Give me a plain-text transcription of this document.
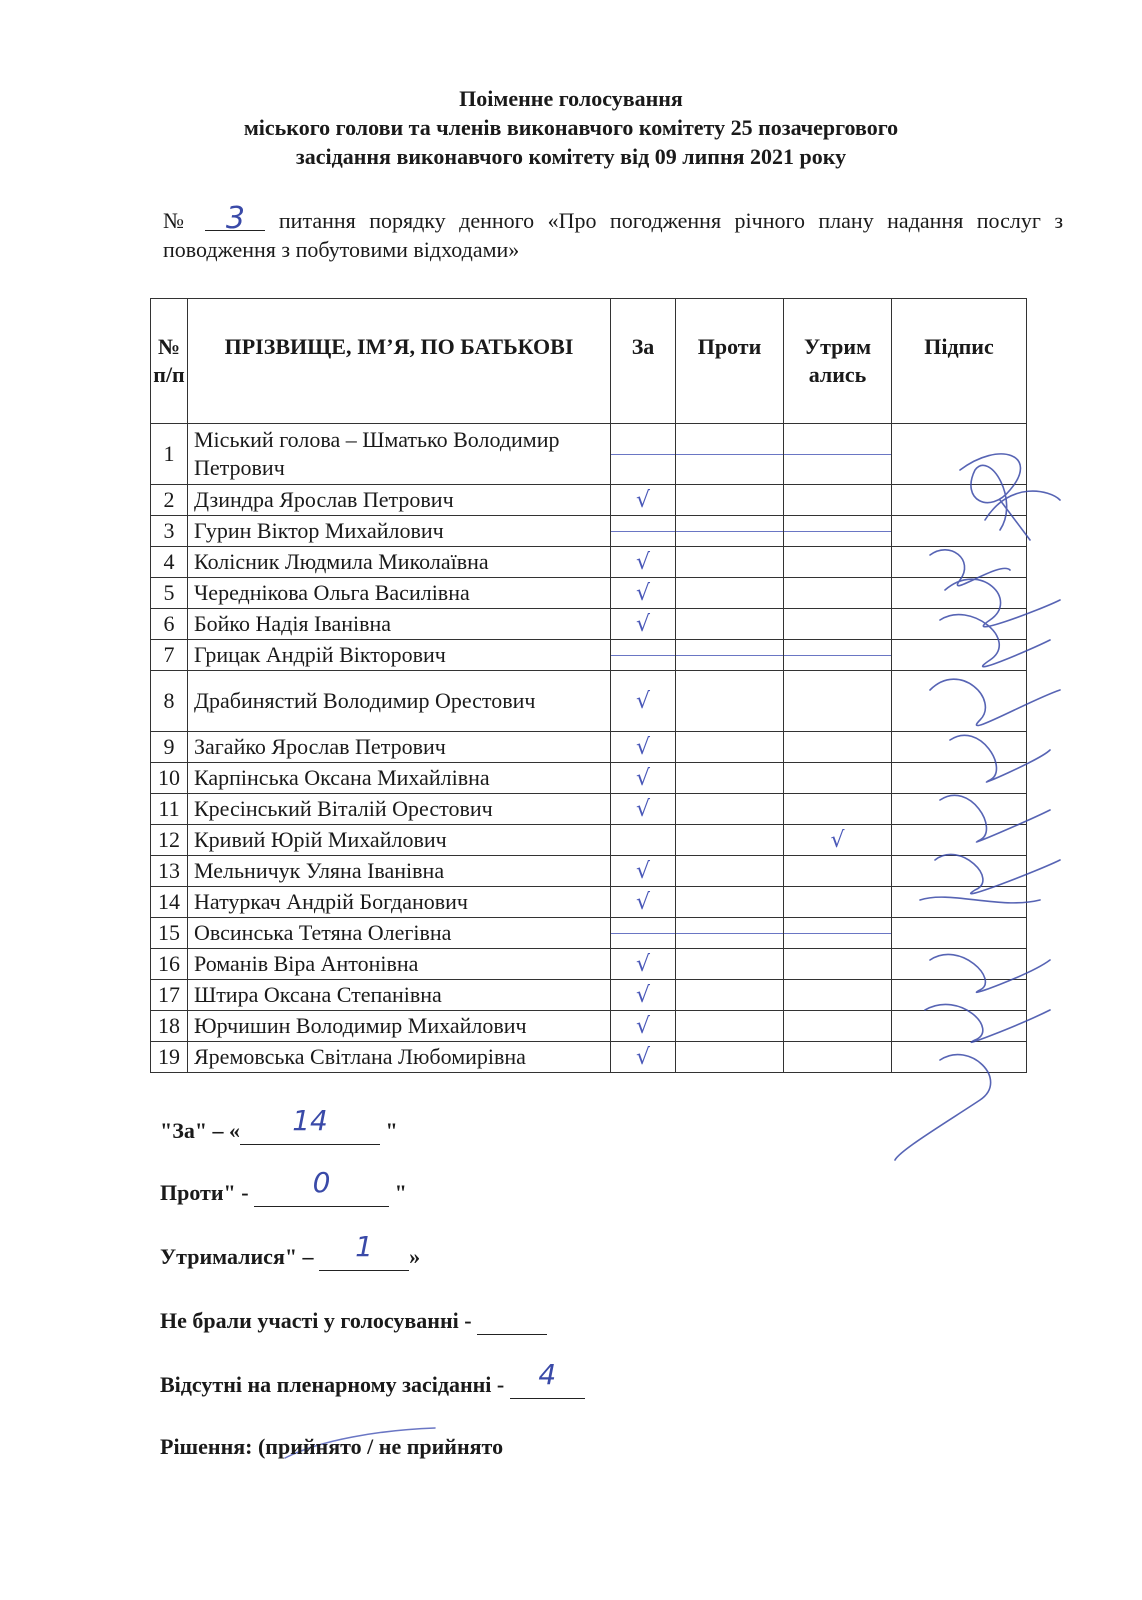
Поіменне голосування
міського голови та членів виконавчого комітету 25 позачергового
засідання виконавчого комітету від 09 липня 2021 року
№ 3 питання порядку денного «Про погодження річного плану надання послуг з поводження з побутовими відходами»
№ п/п	ПРІЗВИЩЕ, ІМ’Я, ПО БАТЬКОВІ	За	Проти	Утрим ались	Підпис
1	Міський голова – Шматько Володимир Петрович	

2	Дзиндра Ярослав Петрович	√			
3	Гурин Віктор Михайлович	

4	Колісник Людмила Миколаївна	√			
5	Череднікова Ольга Василівна	√			
6	Бойко Надія Іванівна	√			
7	Грицак Андрій Вікторович	

8	Драбинястий Володимир Орестович	√			
9	Загайко Ярослав Петрович	√			
10	Карпінська Оксана Михайлівна	√			
11	Кресінський Віталій Орестович	√			
12	Кривий Юрій Михайлович			√	
13	Мельничук Уляна Іванівна	√			
14	Натуркач Андрій Богданович	√			
15	Овсинська Тетяна Олегівна	

16	Романів Віра Антонівна	√			
17	Штира Оксана Степанівна	√			
18	Юрчишин Володимир Михайлович	√			
19	Яремовська Світлана Любомирівна	√			
"За" – «	14	"
Проти" -	0	"
Утрималися" –	1	»
Не брали участі у голосуванні -
Відсутні на пленарному засіданні -	4

Рішення: (прийнято / не прийнято
